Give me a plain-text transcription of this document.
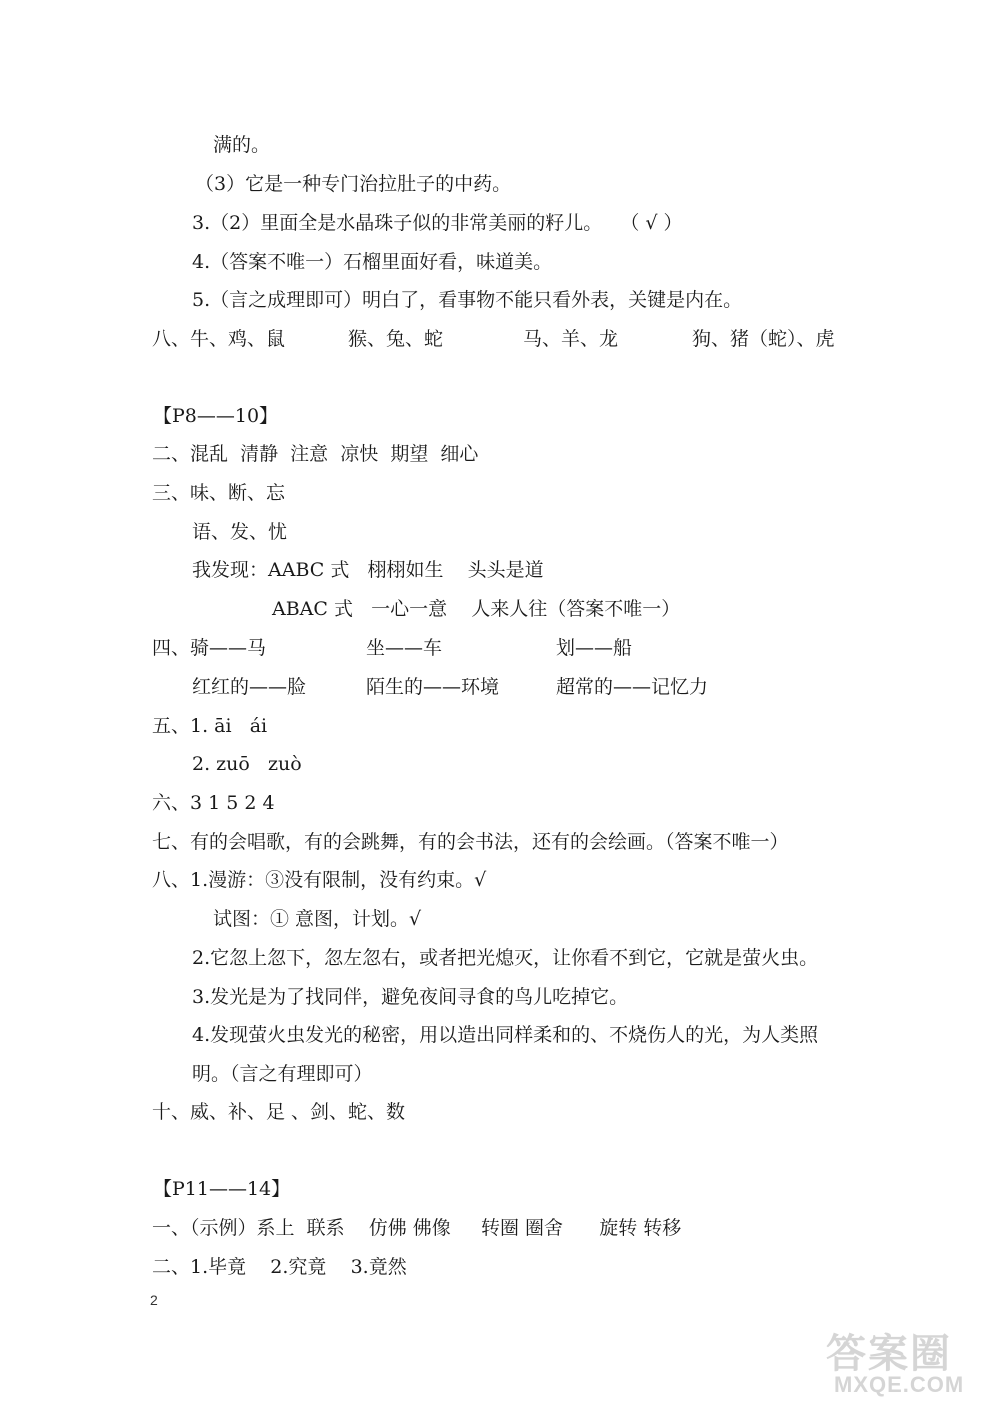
满的。
（3）它是一种专门治拉肚子的中药。
3.（2）里面全是水晶珠子似的非常美丽的籽儿。   （ √ ）
4.（答案不唯一）石榴里面好看，味道美。
5.（言之成理即可）明白了，看事物不能只看外表，关键是内在。
八、牛、鸡、鼠	猴、兔、蛇	马、羊、龙	狗、猪（蛇）、虎
【P8——10】
二、混乱  清静  注意  凉快  期望  细心
三、味、断、忘
语、发、忧
我发现：AABC 式   栩栩如生    头头是道
ABAC 式   一心一意    人来人往（答案不唯一）
四、骑——马	坐——车	划——船
红红的——脸	陌生的——环境	超常的——记忆力
五、1. āi   ái
2. zuō   zuò
六、3 1 5 2 4
七、有的会唱歌，有的会跳舞，有的会书法，还有的会绘画。（答案不唯一）
八、1.漫游：③没有限制，没有约束。√
试图：① 意图，计划。√
2.它忽上忽下，忽左忽右，或者把光熄灭，让你看不到它，它就是萤火虫。
3.发光是为了找同伴，避免夜间寻食的鸟儿吃掉它。
4.发现萤火虫发光的秘密，用以造出同样柔和的、不烧伤人的光，为人类照
明。（言之有理即可）
十、威、补、足 、剑、蛇、数
【P11——14】
一、（示例）系上  联系    仿佛 佛像     转圈 圈舍      旋转 转移
二、1.毕竟    2.究竟    3.竟然
2
答案圈
MXQE.COM
